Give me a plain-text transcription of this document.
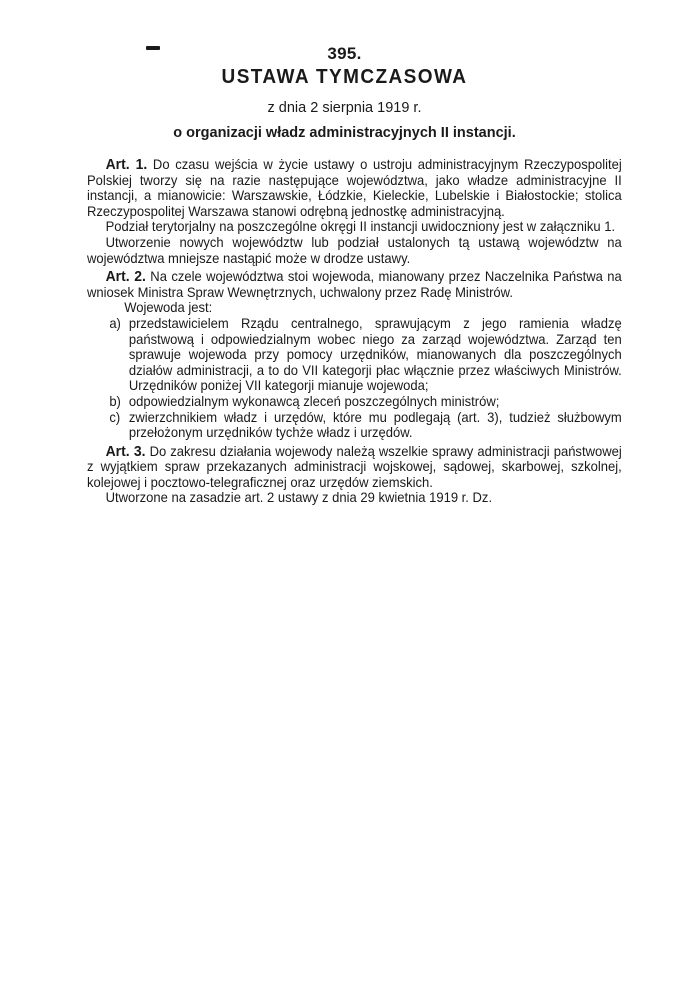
395.
USTAWA TYMCZASOWA
z dnia 2 sierpnia 1919 r.
o organizacji władz administracyjnych II instancji.

Art. 1. Do czasu wejścia w życie ustawy o ustroju administracyjnym Rzeczypospolitej Polskiej tworzy się na razie następujące województwa, jako władze administracyjne II instancji, a mianowicie: Warszawskie, Łódzkie, Kieleckie, Lubelskie i Białostockie; stolica Rzeczypospolitej Warszawa stanowi odrębną jednostkę administracyjną.

Podział terytorjalny na poszczególne okręgi II instancji uwidoczniony jest w załączniku 1.

Utworzenie nowych województw lub podział ustalonych tą ustawą województw na województwa mniejsze nastąpić może w drodze ustawy.

Art. 2. Na czele województwa stoi wojewoda, mianowany przez Naczelnika Państwa na wniosek Ministra Spraw Wewnętrznych, uchwalony przez Radę Ministrów.

Wojewoda jest:

a) przedstawicielem Rządu centralnego, sprawującym z jego ramienia władzę państwową i odpowiedzialnym wobec niego za zarząd województwa. Zarząd ten sprawuje wojewoda przy pomocy urzędników, mianowanych dla poszczególnych działów administracji, a to do VII kategorji płac włącznie przez właściwych Ministrów. Urzędników poniżej VII kategorji mianuje wojewoda;
b) odpowiedzialnym wykonawcą zleceń poszczególnych ministrów;
c) zwierzchnikiem władz i urzędów, które mu podlegają (art. 3), tudzież służbowym przełożonym urzędników tychże władz i urzędów.

Art. 3. Do zakresu działania wojewody należą wszelkie sprawy administracji państwowej z wyjątkiem spraw przekazanych administracji wojskowej, sądowej, skarbowej, szkolnej, kolejowej i pocztowo-telegraficznej oraz urzędów ziemskich.

Utworzone na zasadzie art. 2 ustawy z dnia 29 kwietnia 1919 r. Dz.
